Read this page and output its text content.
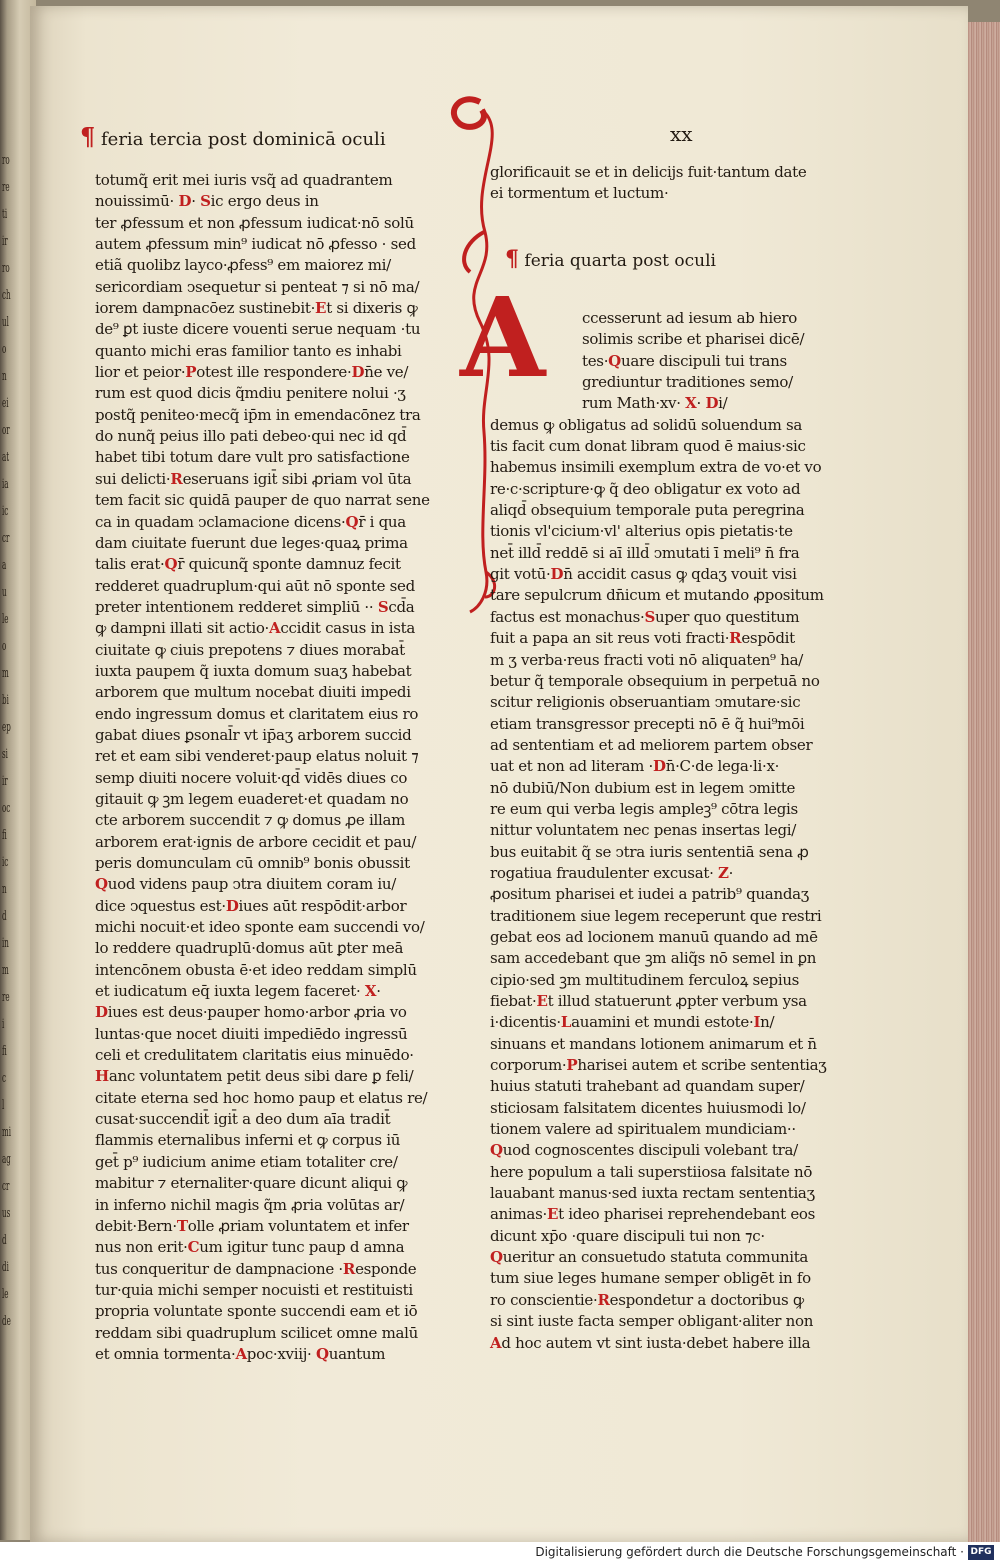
ro
re
ti
ir
ro
ch
ul
o
n
ei
or
at
ia
ic
cr
a
u
le
o
m
bi
ep
si
ir
oc
fi
ic
n
d
in
m
re
i
fi
c
l
mi
ag
cr
us
d
di
le
de
¶ feria tercia post dominicā oculi	xx
totumq̃ erit mei iuris vsq̃ ad quadrantem
nouissimū· D· Sic ergo deus in
ter ꝓfessum et non ꝓfessum iudicat·nō solū
autem ꝓfessum min⁹ iudicat nō ꝓfesso · sed
etiã quolibz layco·ꝓfess⁹ em maiorez mi/
sericordiam ↄsequetur si penteat ⁊ si nō ma/
iorem dampnacōez sustinebit·Et si dixeris ꝙ
de⁹ ꝑt iuste dicere vouenti serue nequam ·tu
quanto michi eras familior tanto es inhabi
lior et peior·Potest ille respondere·Dn̄e ve/
rum est quod dicis q̃mdiu penitere nolui ·ʒ
postq̃ peniteo·mecq̃ ip̄m in emendacōnez tra
do nunq̃ peius illo pati debeo·qui nec id qd̄
habet tibi totum dare vult pro satisfactione
sui delicti·Reseruans igit̄ sibi ꝓriam vol ūta
tem facit sic quidā pauper de quo narrat sene
ca in quadam ↄclamacione dicens·Qr̄ i qua
dam ciuitate fuerunt due leges·quaꝝ prima
talis erat·Qr̄ quicunq̃ sponte damnuz fecit
redderet quadruplum·qui aūt nō sponte sed
preter intentionem redderet simpliū ·· Scd̄a
ꝙ dampni illati sit actio·Accidit casus in ista
ciuitate ꝙ ciuis prepotens ⁊ diues morabat̄
iuxta paupem q̃ iuxta domum suaʒ habebat
arborem que multum nocebat diuiti impedi
endo ingressum domus et claritatem eius ro
gabat diues ꝑsonal̄r vt ip̄aʒ arborem succid
ret et eam sibi venderet·paup elatus noluit ⁊
semp diuiti nocere voluit·qd̄ vidēs diues co
gitauit ꝙ ꝫm legem euaderet·et quadam no
cte arborem succendit ⁊ ꝙ domus ꝓe illam
arborem erat·ignis de arbore cecidit et pau/
peris domunculam cū omnib⁹ bonis obussit
Quod videns paup ↄtra diuitem coram iu/
dice ↄquestus est·Diues aūt respōdit·arbor
michi nocuit·et ideo sponte eam succendi vo/
lo reddere quadruplū·domus aūt ꝑter meā
intencōnem obusta ē·et ideo reddam simplū
et iudicatum eq̄ iuxta legem faceret· X·
Diues est deus·pauper homo·arbor ꝓria vo
luntas·que nocet diuiti impediēdo ingressū
celi et credulitatem claritatis eius minuēdo·
Hanc voluntatem petit deus sibi dare ꝑ feli/
citate eterna sed hoc homo paup et elatus re/
cusat·succendit̄ igit̄ a deo dum aīa tradit̄
flammis eternalibus inferni et ꝙ corpus iū
get̄ p⁹ iudicium anime etiam totaliter cre/
mabitur ⁊ eternaliter·quare dicunt aliqui ꝙ
in inferno nichil magis q̃m ꝓria volūtas ar/
debit·Bern·Tolle ꝓriam voluntatem et infer
nus non erit·Cum igitur tunc paup d amna
tus conqueritur de dampnacione ·Responde
tur·quia michi semper nocuisti et restituisti
propria voluntate sponte succendi eam et iō
reddam sibi quadruplum scilicet omne malū
et omnia tormenta·Apoc·xviij· Quantum
glorificauit se et in delicijs fuit·tantum date
ei tormentum et luctum·
¶ feria quarta post oculi
A	ccesserunt ad iesum ab hiero
solimis scribe et pharisei dicē/
tes·Quare discipuli tui trans
grediuntur traditiones semo/
rum Math·xv· X· Di/
demus ꝙ obligatus ad solidū soluendum sa
tis facit cum donat libram quod ē maius·sic
habemus insimili exemplum extra de vo·et vo
re·c·scripture·ꝙ q̃ deo obligatur ex voto ad
aliqd̄ obsequium temporale puta peregrina
tionis vl'cicium·vl' alterius opis pietatis·te
net̄ illd̄ reddē si aī illd̄ ↄmutati ī meli⁹ n̄ fra
git votū·Dn̄ accidit casus ꝙ qdaʒ vouit visi
tare sepulcrum dn̄icum et mutando ꝓpositum
factus est monachus·Super quo questitum
fuit a papa an sit reus voti fracti·Respōdit
m ʒ verba·reus fracti voti nō aliquaten⁹ ha/
betur q̃ temporale obsequium in perpetuā no
scitur religionis obseruantiam ↄmutare·sic
etiam transgressor precepti nō ē q̃ hui⁹mōi
ad sententiam et ad meliorem partem obser
uat et non ad literam ·Dn̄·C·de lega·li·x·
nō dubiū/Non dubium est in legem ↄmitte
re eum qui verba legis ampleꝫ⁹ cōtra legis
nittur voluntatem nec penas insertas legi/
bus euitabit q̃ se ↄtra iuris sententiā sena ꝓ
rogatiua fraudulenter excusat· Z·
ꝓositum pharisei et iudei a patrib⁹ quandaʒ
traditionem siue legem receperunt que restri
gebat eos ad locionem manuū quando ad mē
sam accedebant que ꝫm aliq̃s nō semel in ꝑn
cipio·sed ꝫm multitudinem ferculoꝝ sepius
fiebat·Et illud statuerunt ꝓpter verbum ysa
i·dicentis·Lauamini et mundi estote·In/
sinuans et mandans lotionem animarum et n̄
corporum·Pharisei autem et scribe sententiaʒ
huius statuti trahebant ad quandam super/
sticiosam falsitatem dicentes huiusmodi lo/
tionem valere ad spiritualem mundiciam··
Quod cognoscentes discipuli volebant tra/
here populum a tali superstiiosa falsitate nō
lauabant manus·sed iuxta rectam sententiaʒ
animas·Et ideo pharisei reprehendebant eos
dicunt xp̄o ·quare discipuli tui non ⁊c·
Queritur an consuetudo statuta communita
tum siue leges humane semper obligēt in fo
ro conscientie·Respondetur a doctoribus ꝙ
si sint iuste facta semper obligant·aliter non
Ad hoc autem vt sint iusta·debet habere illa
Digitalisierung gefördert durch die Deutsche Forschungsgemeinschaft · DFG
